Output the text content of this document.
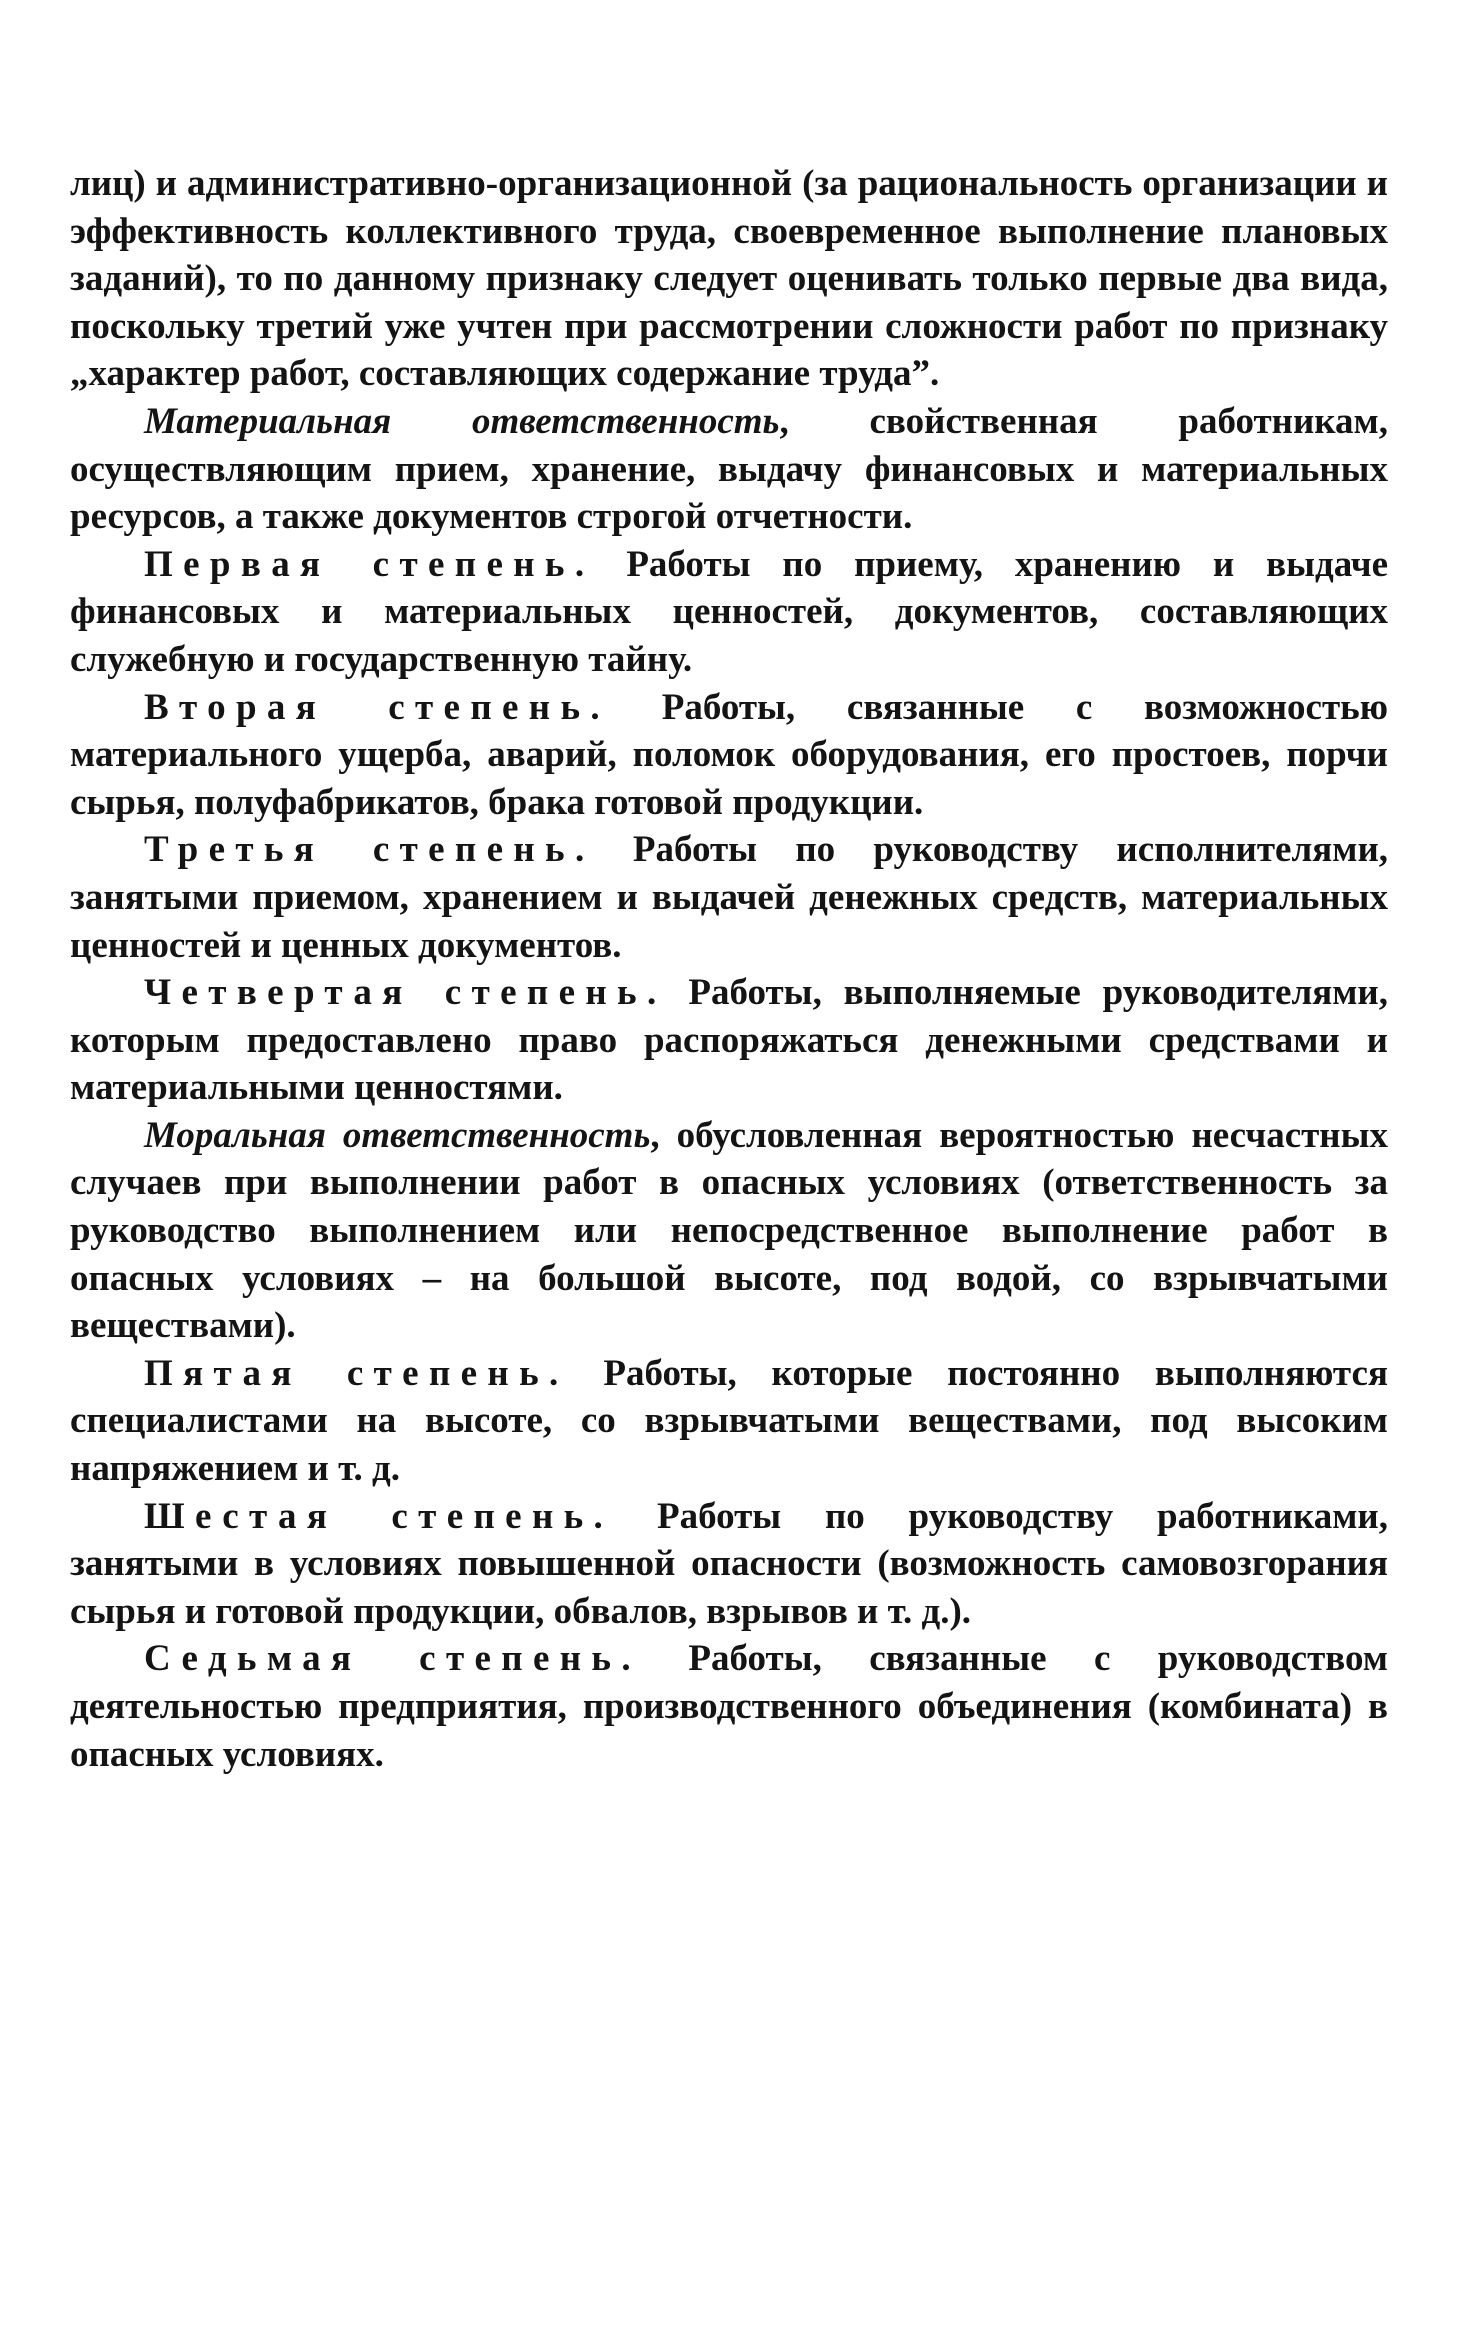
лиц) и административно-организационной (за рациональность организации и эффективность коллективного труда, своевременное выполнение плановых заданий), то по данному признаку следует оценивать только первые два вида, поскольку третий уже учтен при рассмотрении сложности работ по признаку „характер работ, составляющих содержание труда”.

Материальная ответственность, свойственная работникам, осуществляющим прием, хранение, выдачу финансовых и материальных ресурсов, а также документов строгой отчетности.

Первая степень. Работы по приему, хранению и выдаче финансовых и материальных ценностей, документов, составляющих служебную и государственную тайну.

Вторая степень. Работы, связанные с возможностью материального ущерба, аварий, поломок оборудования, его простоев, порчи сырья, полуфабрикатов, брака готовой продукции.

Третья степень. Работы по руководству исполнителями, занятыми приемом, хранением и выдачей денежных средств, материальных ценностей и ценных документов.

Четвертая степень. Работы, выполняемые руководителями, которым предоставлено право распоряжаться денежными средствами и материальными ценностями.

Моральная ответственность, обусловленная вероятностью несчастных случаев при выполнении работ в опасных условиях (ответственность за руководство выполнением или непосредственное выполнение работ в опасных условиях – на большой высоте, под водой, со взрывчатыми веществами).

Пятая степень. Работы, которые постоянно выполняются специалистами на высоте, со взрывчатыми веществами, под высоким напряжением и т. д.

Шестая степень. Работы по руководству работниками, занятыми в условиях повышенной опасности (возможность самовозгорания сырья и готовой продукции, обвалов, взрывов и т. д.).

Седьмая степень. Работы, связанные с руководством деятельностью предприятия, производственного объединения (комбината) в опасных условиях.
